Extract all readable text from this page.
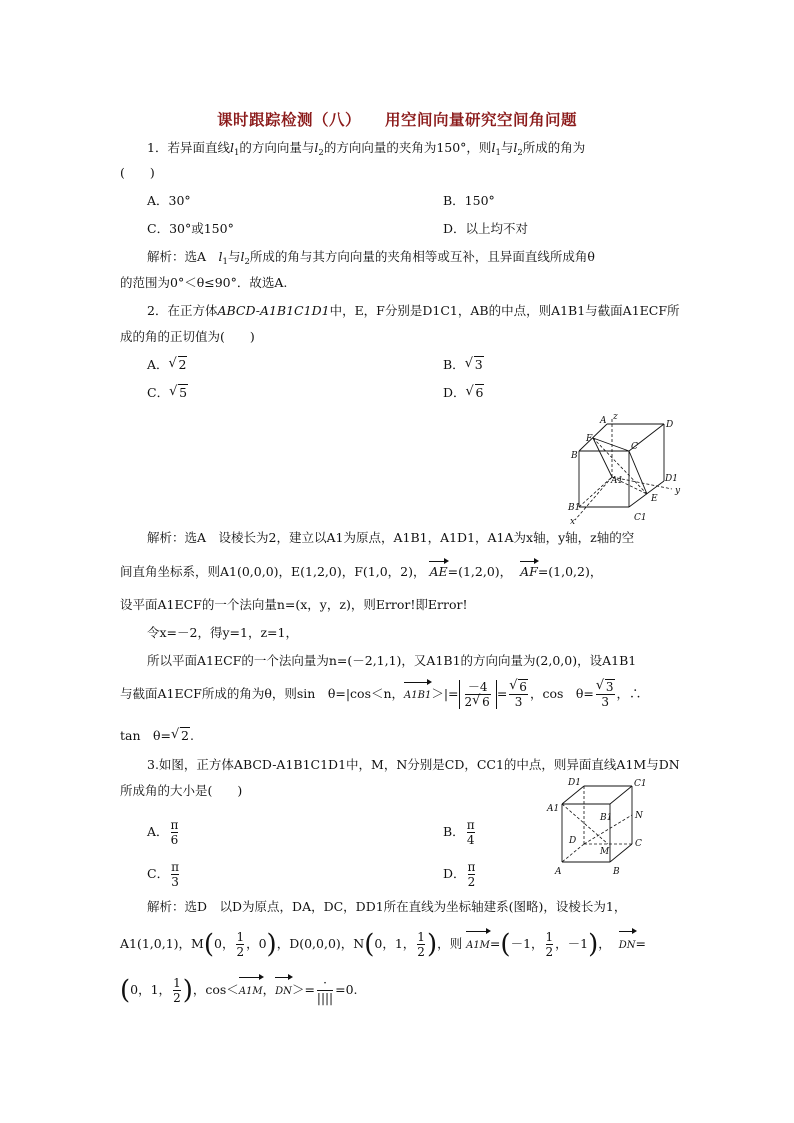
课时跟踪检测（八） 用空间向量研究空间角问题
1．若异面直线$l_1$的方向向量与$l_2$的方向向量的夹角为150°，则$l_1$与$l_2$所成的角为
(　　)
A．30°	B．150°
C．30°或150°	D．以上均不对
解析：选A　$l_1$与$l_2$所成的角与其方向向量的夹角相等或互补，且异面直线所成角θ
的范围为0°＜θ≤90°．故选A.
2．在正方体ABCD-A1B1C1D1中，E，F分别是D1C1，AB的中点，则A1B1与截面A1ECF所
成的角的正切值为(　　)
A． √ 2	B． √ 3
C． √ 5	D． √ 6
z
D
A
F
C
B
A1	D1
y
E
B1
x	C1
解析：选A　设棱长为2，建立以A1为原点，A1B1，A1D1，A1A为x轴，y轴，z轴的空
间直角坐标系，则A1(0,0,0)，E(1,2,0)，F(1,0，2)， AE=(1,2,0)， AF=(1,0,2)，
设平面A1ECF的一个法向量n=(x，y，z)，则Error!即Error!
令x=－2，得y=1，z=1，
所以平面A1ECF的一个法向量为n=(－2,1,1)，又A1B1的方向向量为(2,0,0)，设A1B1
与截面A1ECF所成的角为θ，则sin　θ=|cos＜n，$A1B1>|= \frac{-4}{2 √ 6}$ = √ $\frac{6}{3}$ ，cos　θ= √ $\frac{3}{3}$ ，∴
tan　θ= √ 2.
3.如图，正方体ABCD-A1B1C1D1中，M，N分别是CD，CC1的中点，则异面直线A1M与DN
所成角的大小是(　　)
A． $\frac{\pi}{6}$	B． $\frac{\pi}{4}$
C． $\frac{\pi}{3}$	D． $\frac{\pi}{2}$
D1	C1
A1
B1	N
D	C
M
A	B
解析：选D　以D为原点，DA，DC，DD1所在直线为坐标轴建系(图略)，设棱长为1，
A1(1,0,1)，M(0， $\frac{1}{2}$ ，0)，D(0,0,0)，N(0，1， $\frac{1}{2}$ )，则 A1M=(－1， $\frac{1}{2}$ ，－1)，  DN=
(0，1， $\frac{1}{2}$ )，cos＜A1M，$DN>= \frac{\cdot}{||||} =0$.
